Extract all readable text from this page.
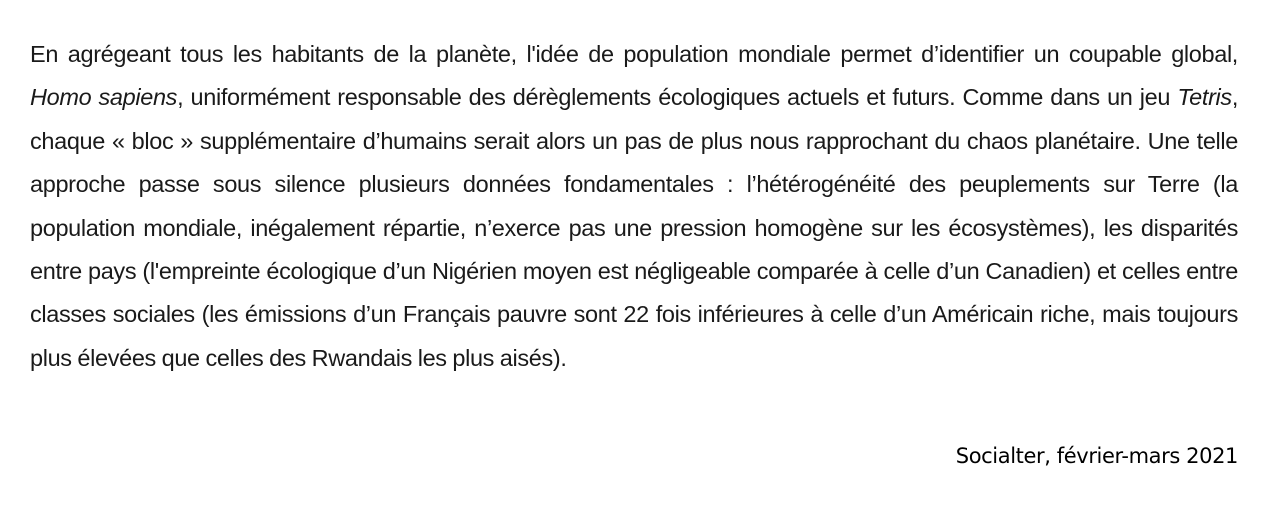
En agrégeant tous les habitants de la planète, l'idée de population mondiale permet d’identifier un coupable global, Homo sapiens, uniformément responsable des dérèglements écologiques actuels et futurs. Comme dans un jeu Tetris, chaque « bloc » supplémentaire d’humains serait alors un pas de plus nous rapprochant du chaos planétaire. Une telle approche passe sous silence plusieurs données fondamentales : l’hétérogénéité des peuplements sur Terre (la population mondiale, inégalement répartie, n’exerce pas une pression homogène sur les écosystèmes), les disparités entre pays (l'empreinte écologique d’un Nigérien moyen est négligeable comparée à celle d’un Canadien) et celles entre classes sociales (les émissions d’un Français pauvre sont 22 fois inférieures à celle d’un Américain riche, mais toujours plus élevées que celles des Rwandais les plus aisés).

Socialter, février-mars 2021
